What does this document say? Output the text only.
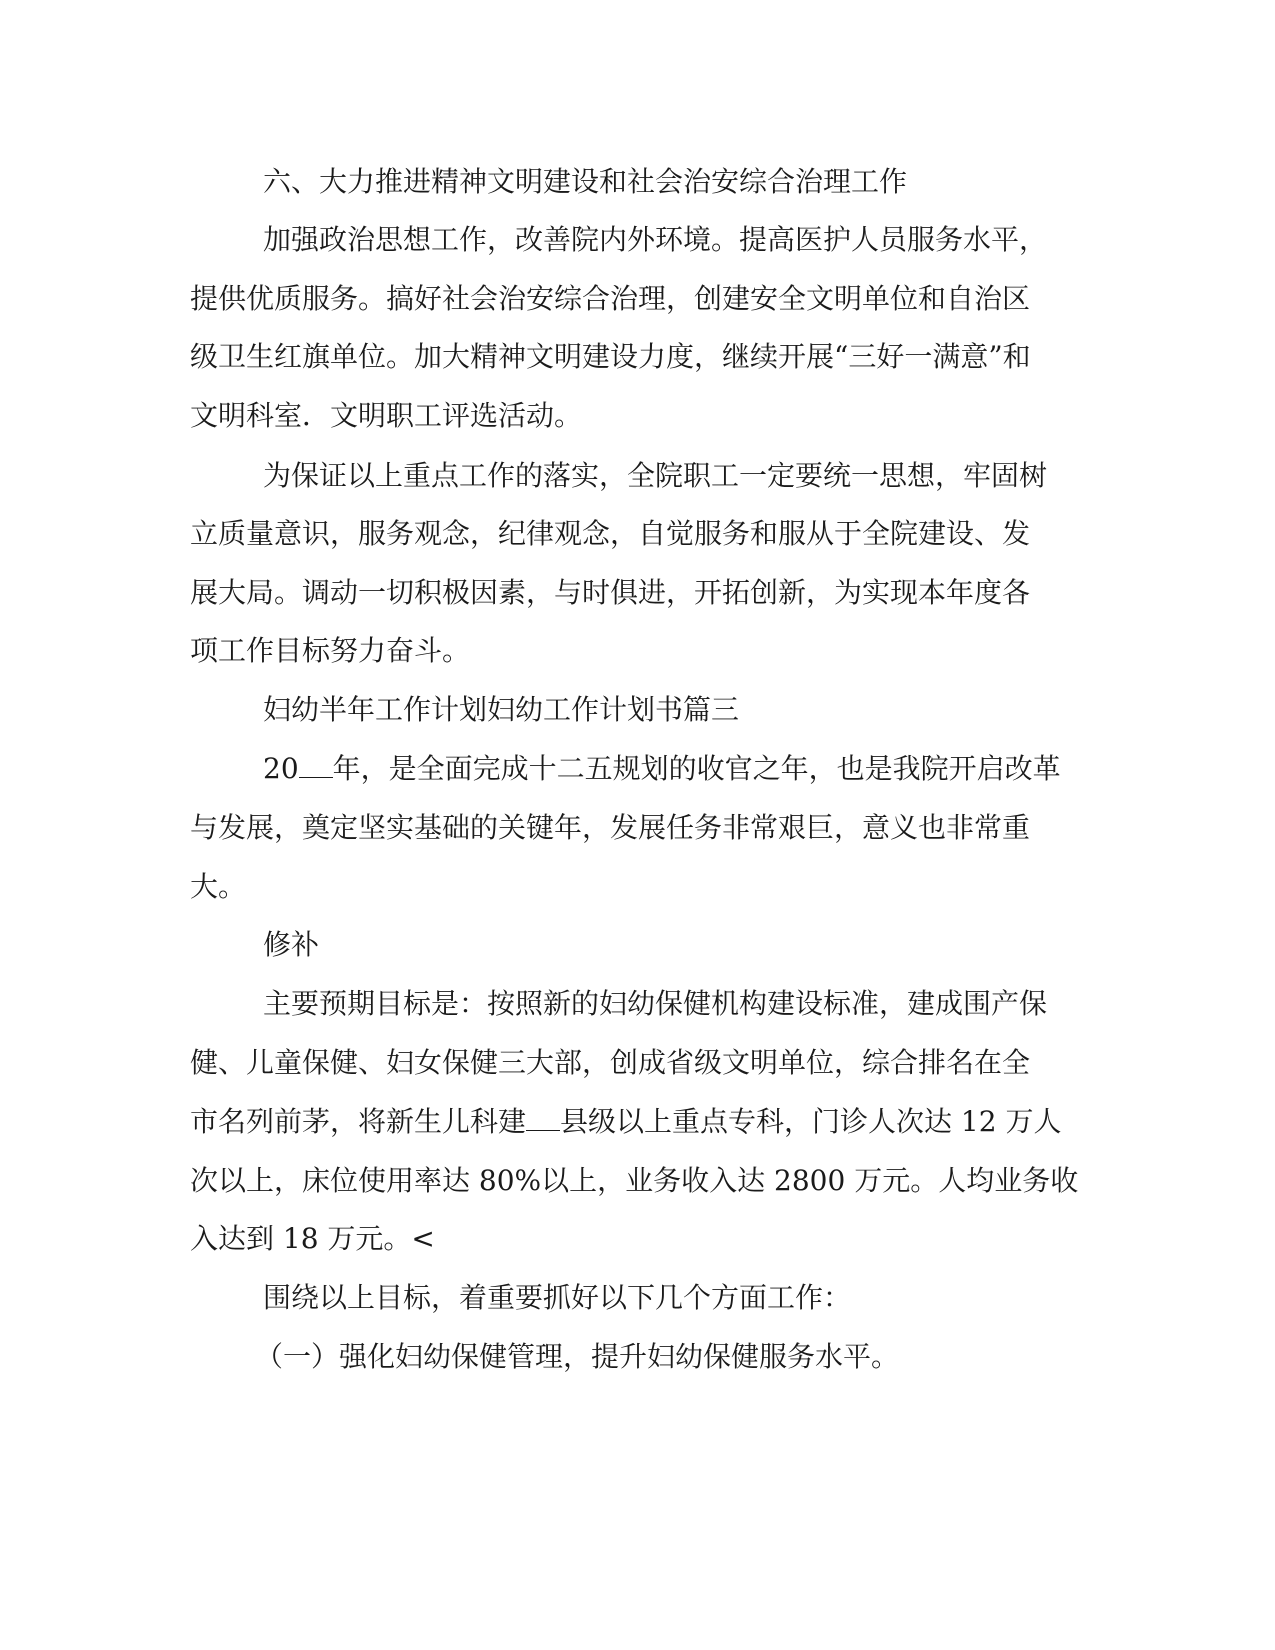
六、大力推进精神文明建设和社会治安综合治理工作

加强政治思想工作，改善院内外环境。提高医护人员服务水平，

提供优质服务。搞好社会治安综合治理，创建安全文明单位和自治区

级卫生红旗单位。加大精神文明建设力度，继续开展“三好一满意”和

文明科室．文明职工评选活动。

为保证以上重点工作的落实，全院职工一定要统一思想，牢固树

立质量意识，服务观念，纪律观念，自觉服务和服从于全院建设、发

展大局。调动一切积极因素，与时俱进，开拓创新，为实现本年度各

项工作目标努力奋斗。

妇幼半年工作计划妇幼工作计划书篇三

20 年，是全面完成十二五规划的收官之年，也是我院开启改革

与发展，奠定坚实基础的关键年，发展任务非常艰巨，意义也非常重

大。

修补

主要预期目标是：按照新的妇幼保健机构建设标准，建成围产保

健、儿童保健、妇女保健三大部，创成省级文明单位，综合排名在全

市名列前茅，将新生儿科建 县级以上重点专科，门诊人次达 12 万人

次以上，床位使用率达 80%以上，业务收入达 2800 万元。人均业务收

入达到 18 万元。<

围绕以上目标，着重要抓好以下几个方面工作：

（一）强化妇幼保健管理，提升妇幼保健服务水平。
